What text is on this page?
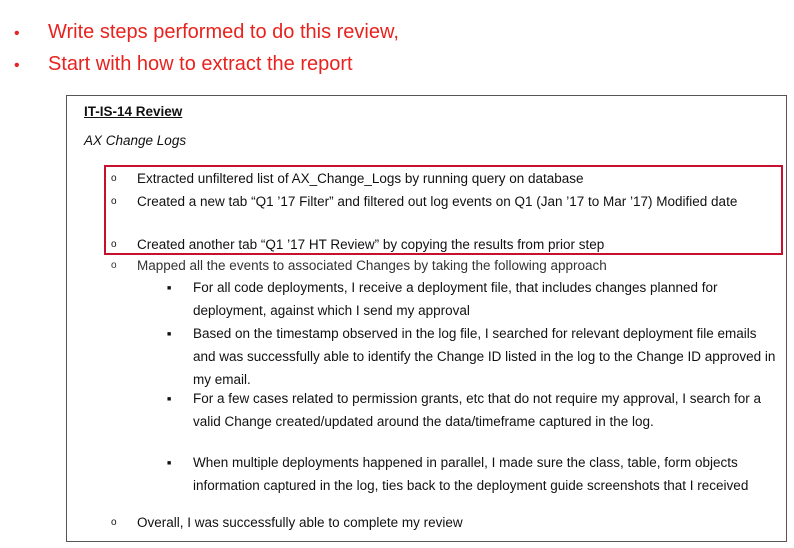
•	Write steps performed to do this review,
•	Start with how to extract the report
IT-IS-14 Review
AX Change Logs
o	Extracted unfiltered list of AX_Change_Logs by running query on database
o	Created a new tab “Q1 ’17 Filter” and filtered out log events on Q1 (Jan ’17 to Mar ’17) Modified date
o	Created another tab “Q1 ’17 HT Review” by copying the results from prior step
o	Mapped all the events to associated Changes by taking the following approach
■	For all code deployments, I receive a deployment file, that includes changes planned for deployment, against which I send my approval
■	Based on the timestamp observed in the log file, I searched for relevant deployment file emails and was successfully able to identify the Change ID listed in the log to the Change ID approved in my email.
■	For a few cases related to permission grants, etc that do not require my approval, I search for a valid Change created/updated around the data/timeframe captured in the log.
■	When multiple deployments happened in parallel, I made sure the class, table, form objects information captured in the log, ties back to the deployment guide screenshots that I received
o	Overall, I was successfully able to complete my review
